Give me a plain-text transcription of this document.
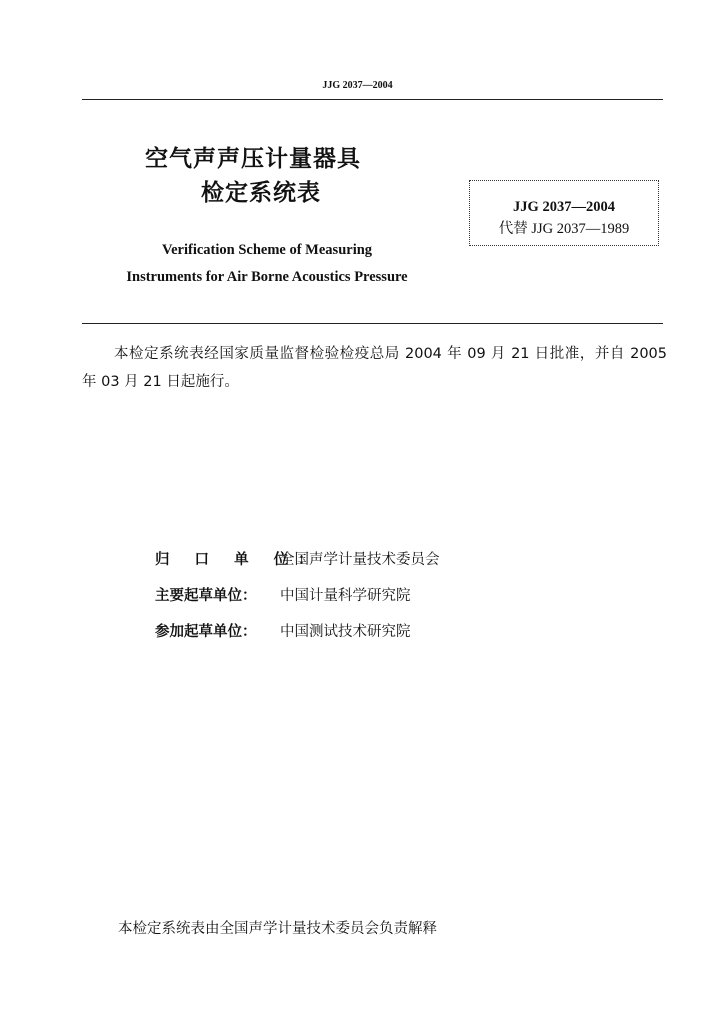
JJG 2037—2004
空气声声压计量器具
检定系统表
JJG 2037—2004
代替 JJG 2037—1989
Verification Scheme of Measuring
Instruments for Air Borne Acoustics Pressure
本检定系统表经国家质量监督检验检疫总局 2004 年 09 月 21 日批准，并自 2005 年 03 月 21 日起施行。
归 口 单 位：全国声学计量技术委员会
主要起草单位： 中国计量科学研究院
参加起草单位： 中国测试技术研究院
本检定系统表由全国声学计量技术委员会负责解释
